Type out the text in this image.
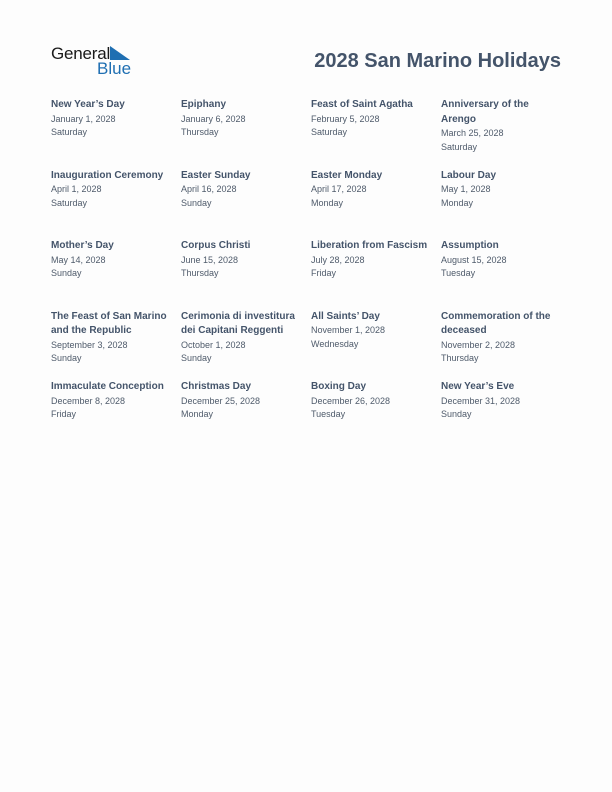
General
Blue	2028 San Marino Holidays
New Year’s Day
January 1, 2028
Saturday
Epiphany
January 6, 2028
Thursday
Feast of Saint Agatha
February 5, 2028
Saturday
Anniversary of the Arengo
March 25, 2028
Saturday
Inauguration Ceremony
April 1, 2028
Saturday
Easter Sunday
April 16, 2028
Sunday
Easter Monday
April 17, 2028
Monday
Labour Day
May 1, 2028
Monday
Mother’s Day
May 14, 2028
Sunday
Corpus Christi
June 15, 2028
Thursday
Liberation from Fascism
July 28, 2028
Friday
Assumption
August 15, 2028
Tuesday
The Feast of San Marino and the Republic
September 3, 2028
Sunday
Cerimonia di investitura dei Capitani Reggenti
October 1, 2028
Sunday
All Saints’ Day
November 1, 2028
Wednesday
Commemoration of the deceased
November 2, 2028
Thursday
Immaculate Conception
December 8, 2028
Friday
Christmas Day
December 25, 2028
Monday
Boxing Day
December 26, 2028
Tuesday
New Year’s Eve
December 31, 2028
Sunday
